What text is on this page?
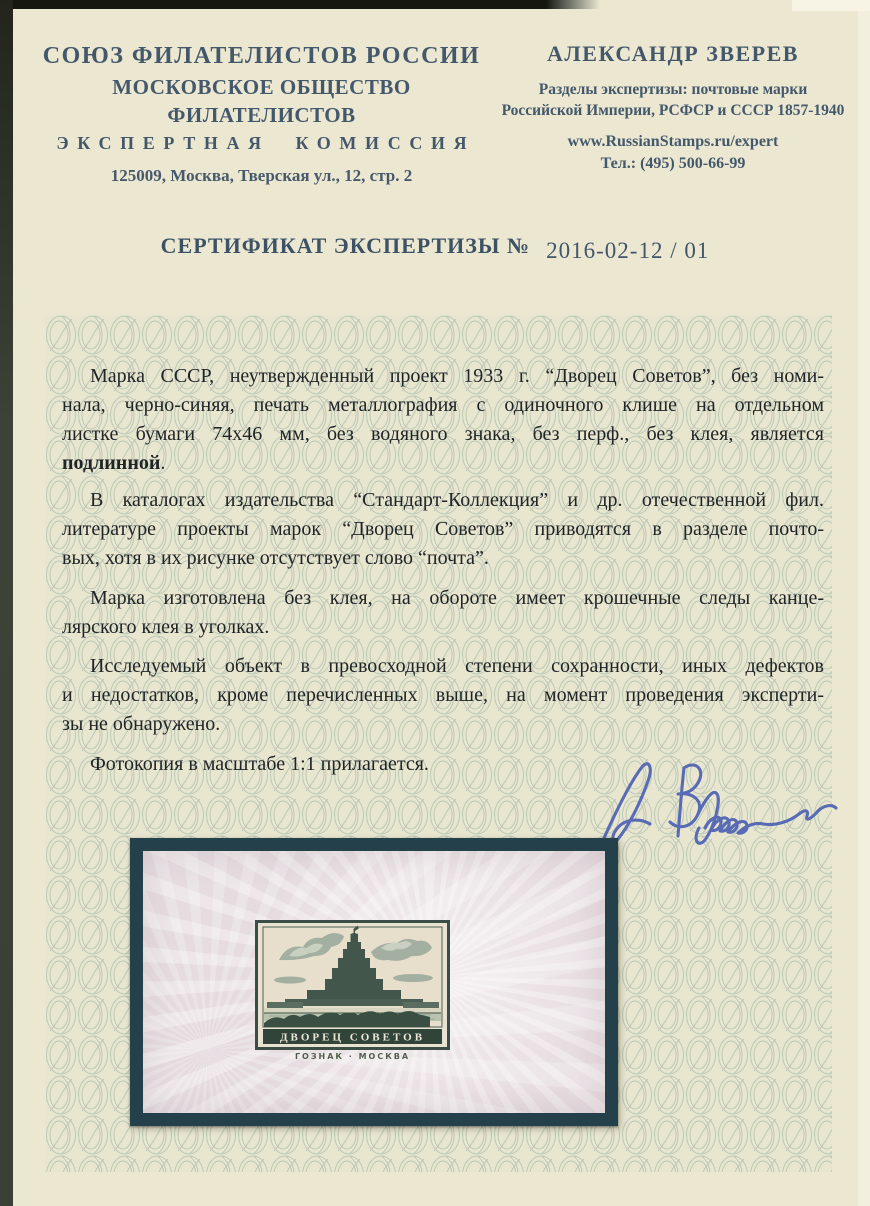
СОЮЗ ФИЛАТЕЛИСТОВ РОССИИ
МОСКОВСКОЕ ОБЩЕСТВО ФИЛАТЕЛИСТОВ
ЭКСПЕРТНАЯ КОМИССИЯ
125009, Москва, Тверская ул., 12, стр. 2
АЛЕКСАНДР ЗВЕРЕВ
Разделы экспертизы: почтовые марки
Российской Империи, РСФСР и СССР 1857-1940
www.RussianStamps.ru/expert
Тел.: (495) 500-66-99
СЕРТИФИКАТ ЭКСПЕРТИЗЫ № 2016-02-12 / 01
Марка СССР, неутвержденный проект 1933 г. “Дворец Советов”, без номи-
нала, черно-синяя, печать металлография с одиночного клише на отдельном
листке бумаги 74х46 мм, без водяного знака, без перф., без клея, является
подлинной.
В каталогах издательства “Стандарт-Коллекция” и др. отечественной фил.
литературе проекты марок “Дворец Советов” приводятся в разделе почто-
вых, хотя в их рисунке отсутствует слово “почта”.
Марка изготовлена без клея, на обороте имеет крошечные следы канце-
лярского клея в уголках.
Исследуемый объект в превосходной степени сохранности, иных дефектов
и недостатков, кроме перечисленных выше, на момент проведения эксперти-
зы не обнаружено.
Фотокопия в масштабе 1:1 прилагается.
ДВОРЕЦ СОВЕТОВ
ГОЗНАК · МОСКВА
